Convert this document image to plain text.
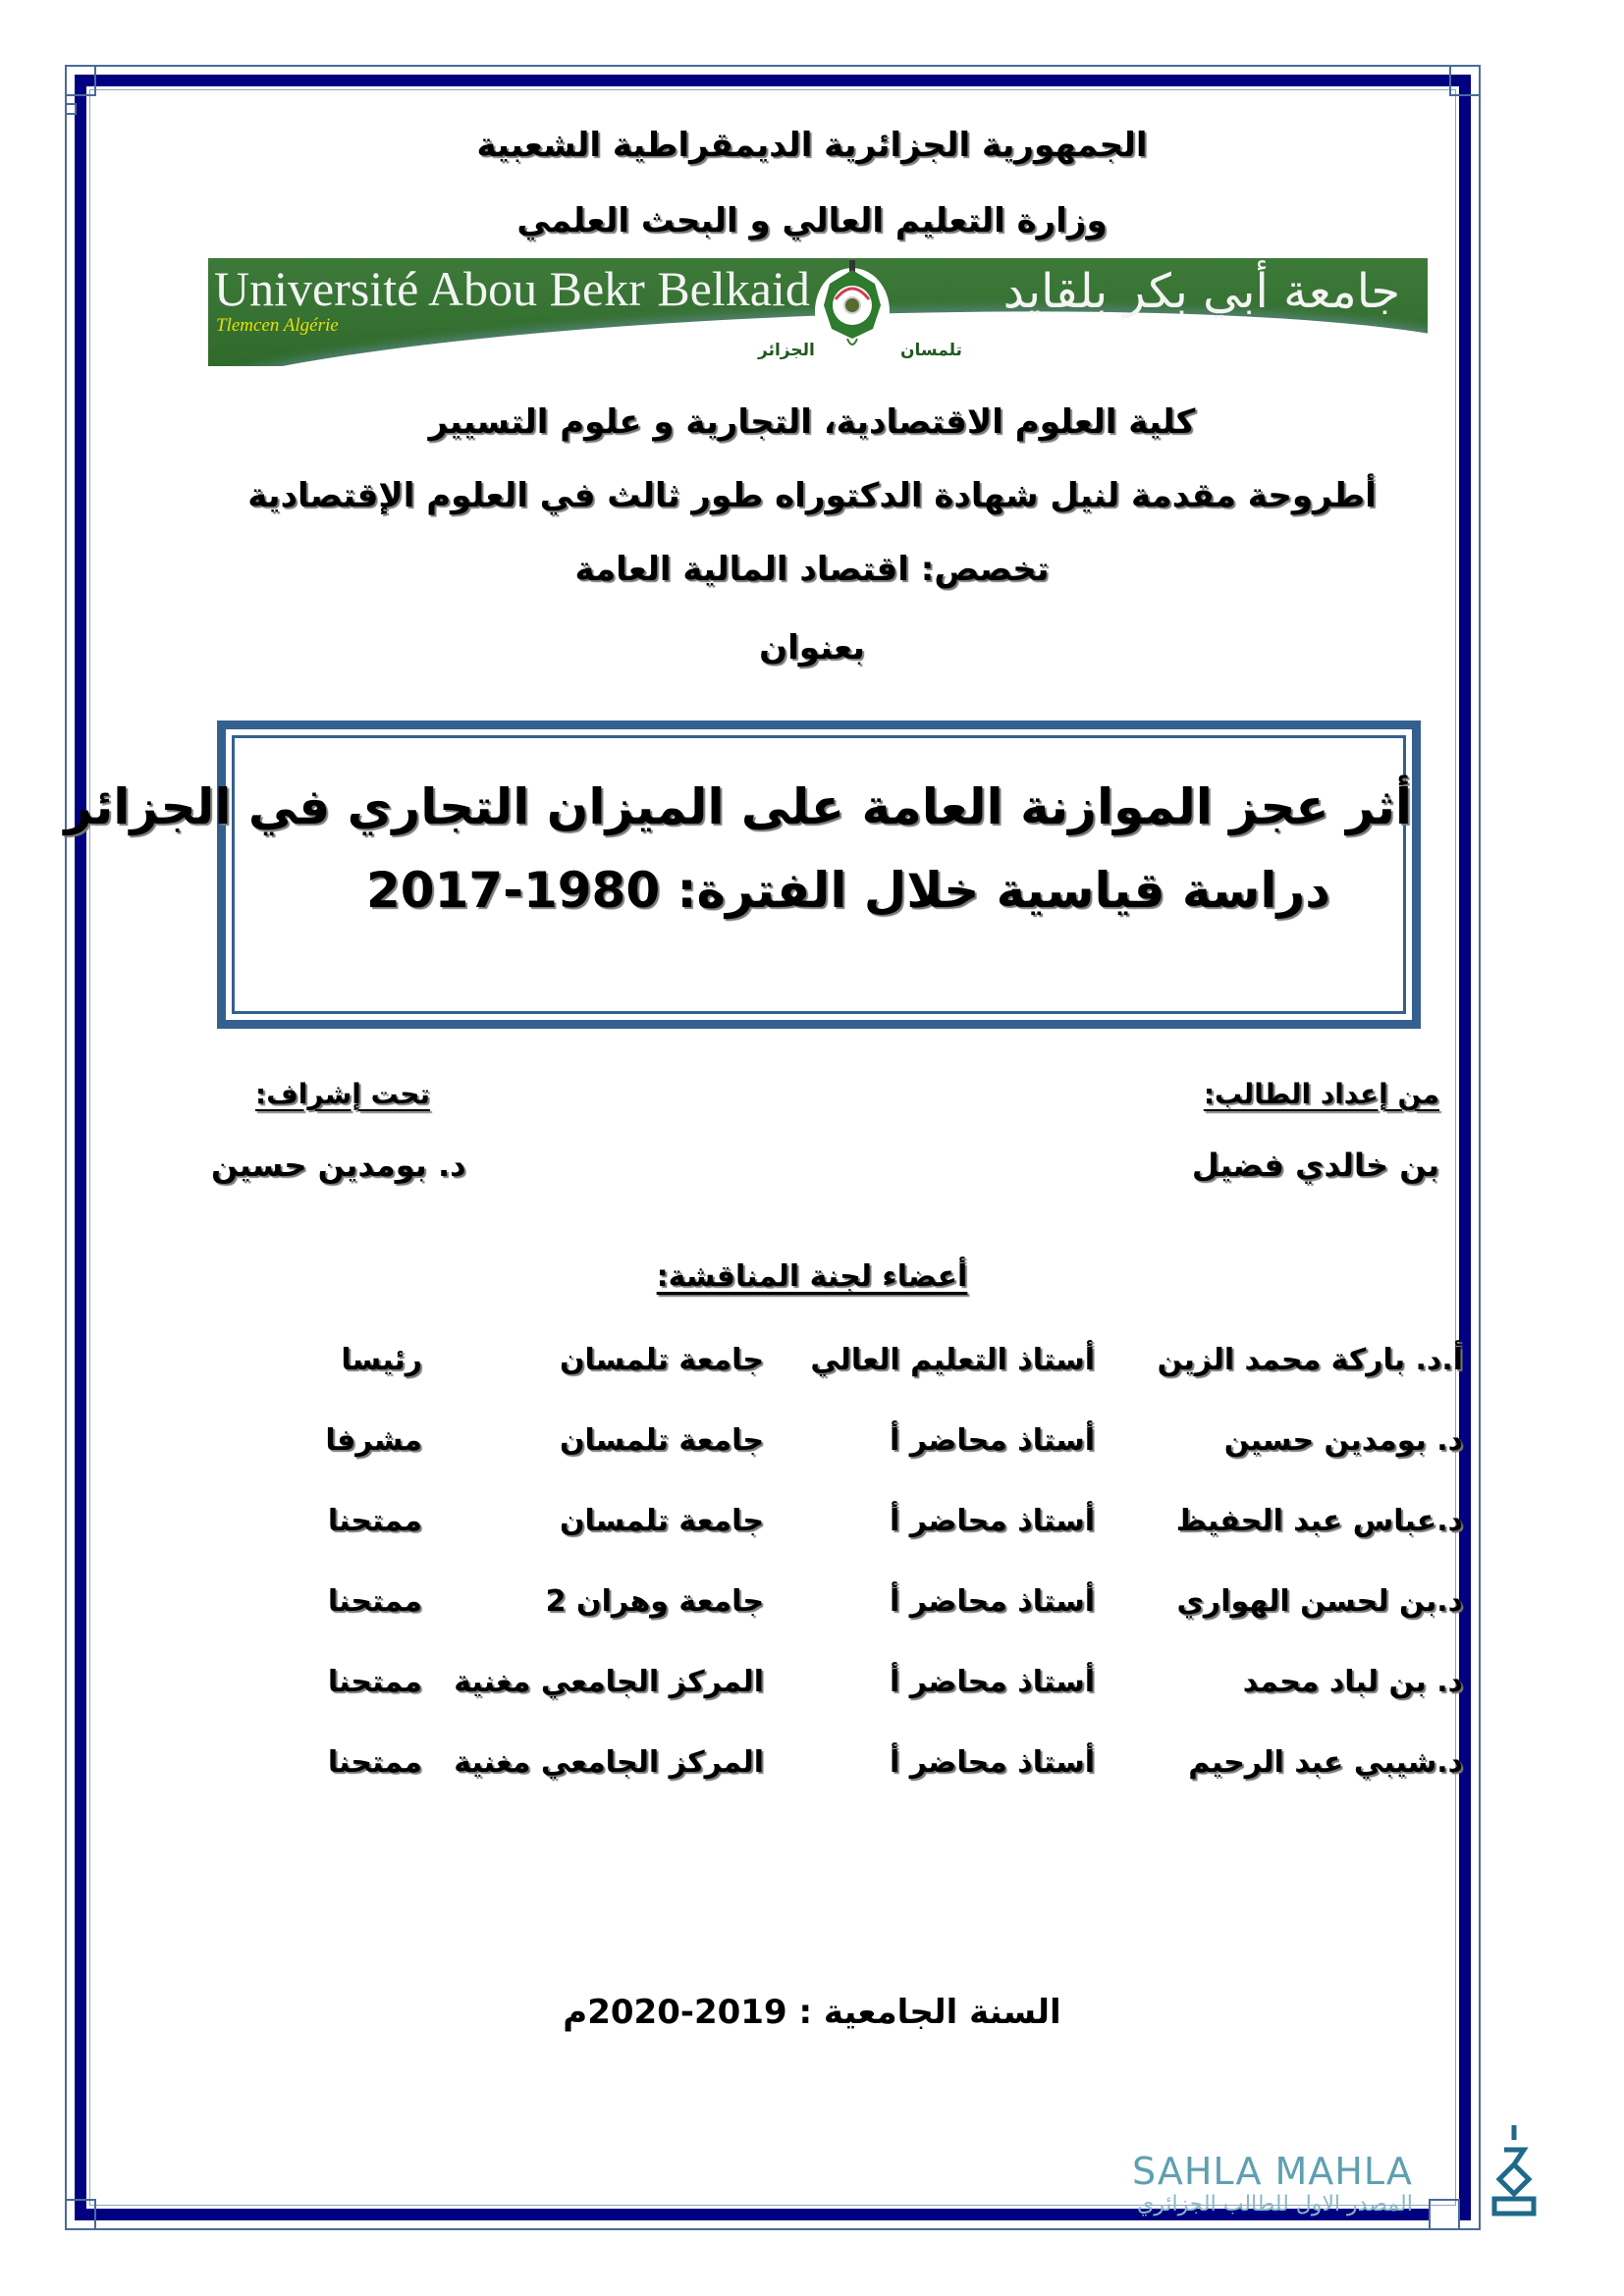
الجمهورية الجزائرية الديمقراطية الشعبية
وزارة التعليم العالي و البحث العلمي
Université Abou Bekr Belkaid
Tlemcen Algérie
جامعة أبي بكر بلقايد
تلمسان
الجزائر
كلية العلوم الاقتصادية، التجارية و علوم التسيير
أطروحة مقدمة لنيل شهادة الدكتوراه طور ثالث في العلوم الإقتصادية
تخصص: اقتصاد المالية العامة
بعنوان
أثر عجز الموازنة العامة على الميزان التجاري في الجزائر
دراسة قياسية خلال الفترة: 1980-2017
من إعداد الطالب:
بن خالدي فضيل
تحت إشراف:
د. بومدين حسين
أعضاء لجنة المناقشة:
أ.د. باركة محمد الزين
أستاذ التعليم العالي
جامعة تلمسان
رئيسا
د. بومدين حسين
أستاذ محاضر أ
جامعة تلمسان
مشرفا
د.عباس عبد الحفيظ
أستاذ محاضر أ
جامعة تلمسان
ممتحنا
د.بن لحسن الهواري
أستاذ محاضر أ
جامعة وهران 2
ممتحنا
د. بن لباد محمد
أستاذ محاضر أ
المركز الجامعي مغنية
ممتحنا
د.شيبي عبد الرحيم
أستاذ محاضر أ
المركز الجامعي مغنية
ممتحنا
السنة الجامعية : 2019-2020م
SAHLA MAHLA
المصدر الاول للطالب الجزائري
